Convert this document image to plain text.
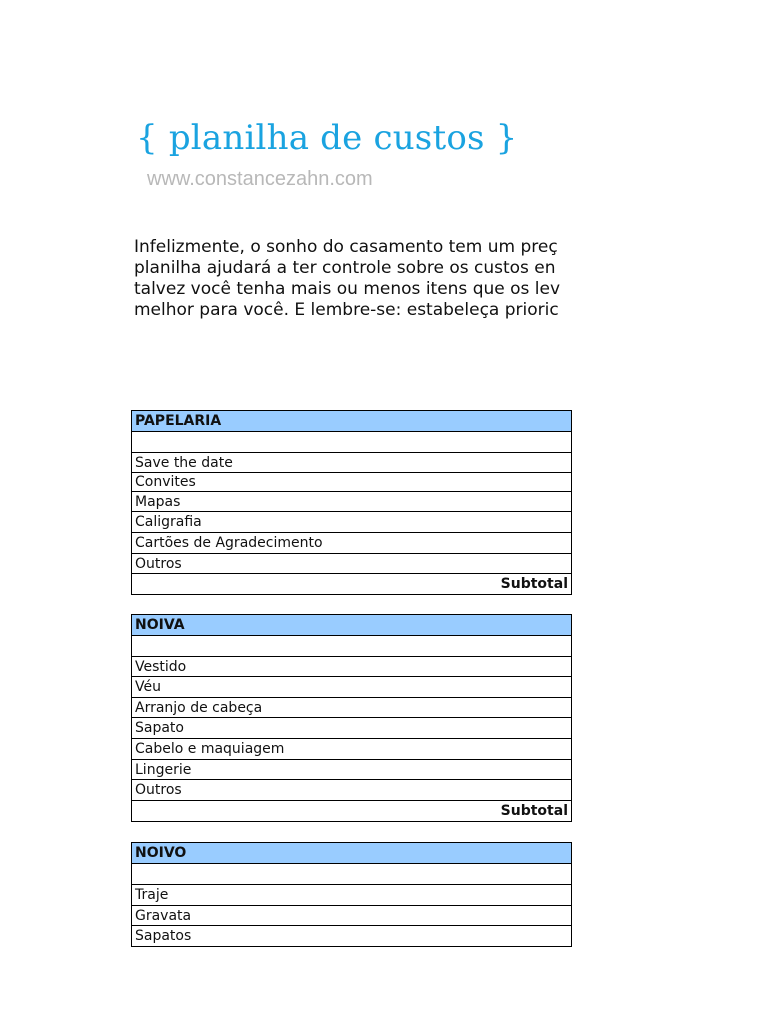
{ planilha de custos }
www.constancezahn.com
Infelizmente, o sonho do casamento tem um preç
planilha ajudará a ter controle sobre os custos en
talvez você tenha mais ou menos itens que os lev
melhor para você. E lembre-se: estabeleça prioric
PAPELARIA

Save the date
Convites
Mapas
Caligrafia
Cartões de Agradecimento
Outros
Subtotal
NOIVA

Vestido
Véu
Arranjo de cabeça
Sapato
Cabelo e maquiagem
Lingerie
Outros
Subtotal
NOIVO

Traje
Gravata
Sapatos
